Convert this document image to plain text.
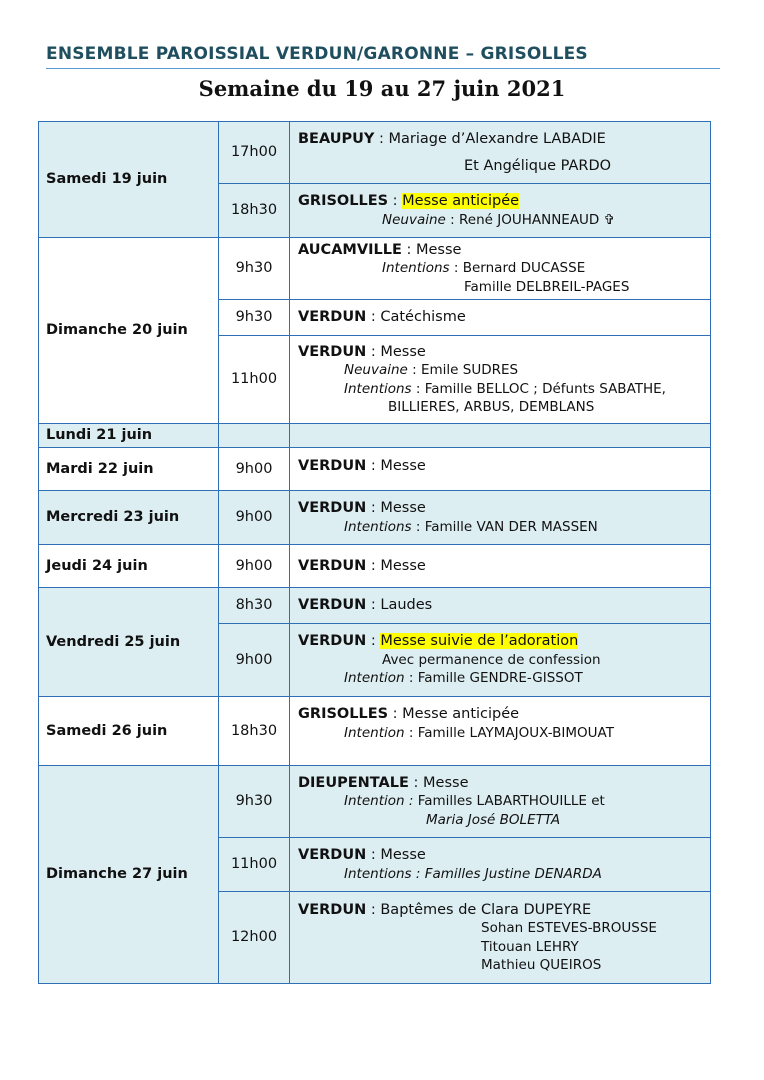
ENSEMBLE PAROISSIAL VERDUN/GARONNE – GRISOLLES
Semaine du 19 au 27 juin 2021
Samedi 19 juin	17h00	BEAUPUY : Mariage d’Alexandre LABADIE
Et Angélique PARDO

	18h30	GRISOLLES : Messe anticipée
Neuvaine : René JOUHANNEAUD ✞

Dimanche 20 juin	9h30	AUCAMVILLE : Messe
Intentions : Bernard DUCASSE
Famille DELBREIL-PAGES

	9h30	VERDUN : Catéchisme

	11h00	VERDUN : Messe
Neuvaine : Emile SUDRES
Intentions : Famille BELLOC ; Défunts SABATHE,
BILLIERES, ARBUS, DEMBLANS

Lundi 21 juin		
Mardi 22 juin	9h00	VERDUN : Messe

Mercredi 23 juin	9h00	VERDUN : Messe
Intentions : Famille VAN DER MASSEN

Jeudi 24 juin	9h00	VERDUN : Messe

Vendredi 25 juin	8h30	VERDUN : Laudes

	9h00	VERDUN : Messe suivie de l’adoration
Avec permanence de confession
Intention : Famille GENDRE-GISSOT

Samedi 26 juin	18h30	GRISOLLES : Messe anticipée
Intention : Famille LAYMAJOUX-BIMOUAT

Dimanche 27 juin	9h30	DIEUPENTALE : Messe
Intention : Familles LABARTHOUILLE et
Maria José BOLETTA

	11h00	VERDUN : Messe
Intentions : Familles Justine DENARDA

	12h00	VERDUN : Baptêmes de Clara DUPEYRE
Sohan ESTEVES-BROUSSE
Titouan LEHRY
Mathieu QUEIROS
